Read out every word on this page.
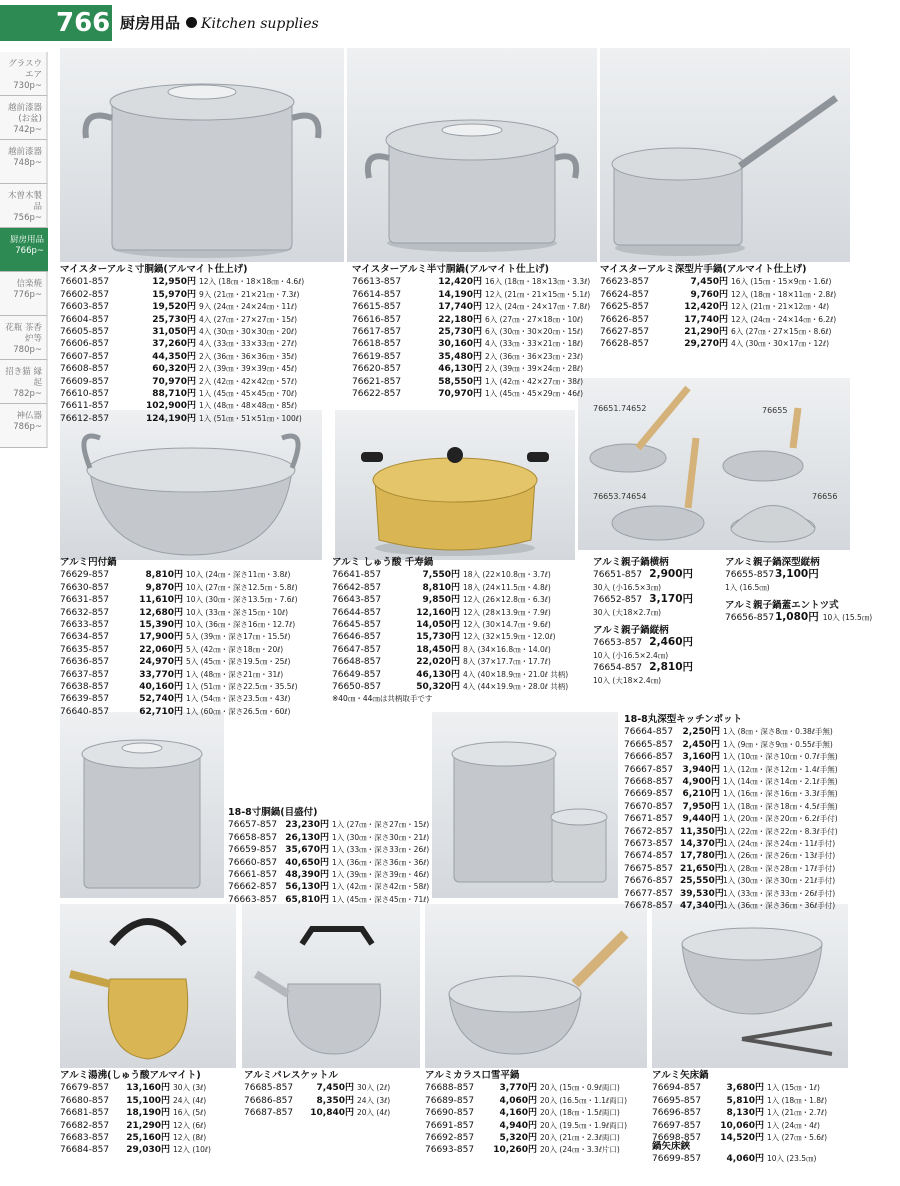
766 厨房用品 Kitchen supplies
グラスウエア
730p~
越前漆器(お盆)
742p~
越前漆器
748p~
木曽木製品
756p~
厨房用品
766p~
信楽焼
776p~
花瓶 茶香炉等
780p~
招き猫 縁起
782p~
神仏器
786p~
76651.74652	76655
76653.74654	76656
マイスターアルミ寸胴鍋(アルマイト仕上げ)
76601-857	12,950円 12入 (18㎝・18×18㎝・4.6ℓ)
76602-857	15,970円 9入 (21㎝・21×21㎝・7.3ℓ)
76603-857	19,520円 9入 (24㎝・24×24㎝・11ℓ)
76604-857	25,730円 4入 (27㎝・27×27㎝・15ℓ)
76605-857	31,050円 4入 (30㎝・30×30㎝・20ℓ)
76606-857	37,260円 4入 (33㎝・33×33㎝・27ℓ)
76607-857	44,350円 2入 (36㎝・36×36㎝・35ℓ)
76608-857	60,320円 2入 (39㎝・39×39㎝・45ℓ)
76609-857	70,970円 2入 (42㎝・42×42㎝・57ℓ)
76610-857	88,710円 1入 (45㎝・45×45㎝・70ℓ)
76611-857	102,900円 1入 (48㎝・48×48㎝・85ℓ)
76612-857	124,190円 1入 (51㎝・51×51㎝・100ℓ)
マイスターアルミ半寸胴鍋(アルマイト仕上げ)
76613-857	12,420円 16入 (18㎝・18×13㎝・3.3ℓ)
76614-857	14,190円 12入 (21㎝・21×15㎝・5.1ℓ)
76615-857	17,740円 12入 (24㎝・24×17㎝・7.8ℓ)
76616-857	22,180円 6入 (27㎝・27×18㎝・10ℓ)
76617-857	25,730円 6入 (30㎝・30×20㎝・15ℓ)
76618-857	30,160円 4入 (33㎝・33×21㎝・18ℓ)
76619-857	35,480円 2入 (36㎝・36×23㎝・23ℓ)
76620-857	46,130円 2入 (39㎝・39×24㎝・28ℓ)
76621-857	58,550円 1入 (42㎝・42×27㎝・38ℓ)
76622-857	70,970円 1入 (45㎝・45×29㎝・46ℓ)
マイスターアルミ深型片手鍋(アルマイト仕上げ)
76623-857	7,450円 16入 (15㎝・15×9㎝・1.6ℓ)
76624-857	9,760円 12入 (18㎝・18×11㎝・2.8ℓ)
76625-857	12,420円 12入 (21㎝・21×12㎝・4ℓ)
76626-857	17,740円 12入 (24㎝・24×14㎝・6.2ℓ)
76627-857	21,290円 6入 (27㎝・27×15㎝・8.6ℓ)
76628-857	29,270円 4入 (30㎝・30×17㎝・12ℓ)
アルミ円付鍋
76629-857	8,810円 10入 (24㎝・深さ11㎝・3.8ℓ)
76630-857	9,870円 10入 (27㎝・深さ12.5㎝・5.8ℓ)
76631-857	11,610円 10入 (30㎝・深さ13.5㎝・7.6ℓ)
76632-857	12,680円 10入 (33㎝・深さ15㎝・10ℓ)
76633-857	15,390円 10入 (36㎝・深さ16㎝・12.7ℓ)
76634-857	17,900円 5入 (39㎝・深さ17㎝・15.5ℓ)
76635-857	22,060円 5入 (42㎝・深さ18㎝・20ℓ)
76636-857	24,970円 5入 (45㎝・深さ19.5㎝・25ℓ)
76637-857	33,770円 1入 (48㎝・深さ21㎝・31ℓ)
76638-857	40,160円 1入 (51㎝・深さ22.5㎝・35.5ℓ)
76639-857	52,740円 1入 (54㎝・深さ23.5㎝・43ℓ)
76640-857	62,710円 1入 (60㎝・深さ26.5㎝・60ℓ)
アルミ しゅう酸 千寿鍋
76641-857	7,550円 18入 (22×10.8㎝・3.7ℓ)
76642-857	8,810円 18入 (24×11.5㎝・4.8ℓ)
76643-857	9,850円 12入 (26×12.8㎝・6.3ℓ)
76644-857	12,160円 12入 (28×13.9㎝・7.9ℓ)
76645-857	14,050円 12入 (30×14.7㎝・9.6ℓ)
76646-857	15,730円 12入 (32×15.9㎝・12.0ℓ)
76647-857	18,450円 8入 (34×16.8㎝・14.0ℓ)
76648-857	22,020円 8入 (37×17.7㎝・17.7ℓ)
76649-857	46,130円 4入 (40×18.9㎝・21.0ℓ 共柄)
76650-857	50,320円 4入 (44×19.9㎝・28.0ℓ 共柄)
※40㎝・44㎝は共柄取手です
アルミ親子鍋横柄
76651-857 2,900円
30入 (小16.5×3㎝)
76652-857 3,170円
30入 (大18×2.7㎝)
アルミ親子鍋縦柄
76653-857 2,460円
10入 (小16.5×2.4㎝)
76654-857 2,810円
10入 (大18×2.4㎝)
アルミ親子鍋深型縦柄
76655-8573,100円
1入 (16.5㎝)
アルミ親子鍋蓋エントツ式
76656-8571,080円 10入 (15.5㎝)
18-8寸胴鍋(目盛付)
76657-857 23,230円 1入 (27㎝・深さ27㎝・15ℓ)
76658-857 26,130円 1入 (30㎝・深さ30㎝・21ℓ)
76659-857 35,670円 1入 (33㎝・深さ33㎝・26ℓ)
76660-857 40,650円 1入 (36㎝・深さ36㎝・36ℓ)
76661-857 48,390円 1入 (39㎝・深さ39㎝・46ℓ)
76662-857 56,130円 1入 (42㎝・深さ42㎝・58ℓ)
76663-857 65,810円 1入 (45㎝・深さ45㎝・71ℓ)
18-8丸深型キッチンポット
76664-857 2,250円 1入 (8㎝・深さ8㎝・0.38ℓ手無)
76665-857 2,450円 1入 (9㎝・深さ9㎝・0.55ℓ手無)
76666-857 3,160円 1入 (10㎝・深さ10㎝・0.7ℓ手無)
76667-857 3,940円 1入 (12㎝・深さ12㎝・1.4ℓ手無)
76668-857 4,900円 1入 (14㎝・深さ14㎝・2.1ℓ手無)
76669-857 6,210円 1入 (16㎝・深さ16㎝・3.3ℓ手無)
76670-857 7,950円 1入 (18㎝・深さ18㎝・4.5ℓ手無)
76671-857 9,440円 1入 (20㎝・深さ20㎝・6.2ℓ手付)
76672-857 11,350円1入 (22㎝・深さ22㎝・8.3ℓ手付)
76673-857 14,370円1入 (24㎝・深さ24㎝・11ℓ手付)
76674-857 17,780円1入 (26㎝・深さ26㎝・13ℓ手付)
76675-857 21,650円1入 (28㎝・深さ28㎝・17ℓ手付)
76676-857 25,550円1入 (30㎝・深さ30㎝・21ℓ手付)
76677-857 39,530円1入 (33㎝・深さ33㎝・26ℓ手付)
76678-857 47,340円1入 (36㎝・深さ36㎝・36ℓ手付)
アルミ湯沸(しゅう酸アルマイト)
76679-857 13,160円 30入 (3ℓ)
76680-857 15,100円 24入 (4ℓ)
76681-857 18,190円 16入 (5ℓ)
76682-857 21,290円 12入 (6ℓ)
76683-857 25,160円 12入 (8ℓ)
76684-857 29,030円 12入 (10ℓ)
アルミパレスケットル
76685-857	7,450円 30入 (2ℓ)
76686-857	8,350円 24入 (3ℓ)
76687-857 10,840円 20入 (4ℓ)
アルミカラス口雪平鍋
76688-857	3,770円 20入 (15㎝・0.9ℓ両口)
76689-857	4,060円 20入 (16.5㎝・1.1ℓ両口)
76690-857	4,160円 20入 (18㎝・1.5ℓ両口)
76691-857	4,940円 20入 (19.5㎝・1.9ℓ両口)
76692-857	5,320円 20入 (21㎝・2.3ℓ両口)
76693-857 10,260円 20入 (24㎝・3.3ℓ片口)
アルミ矢床鍋
76694-857	3,680円 1入 (15㎝・1ℓ)
76695-857	5,810円 1入 (18㎝・1.8ℓ)
76696-857	8,130円 1入 (21㎝・2.7ℓ)
76697-857 10,060円 1入 (24㎝・4ℓ)
76698-857 14,520円 1入 (27㎝・5.6ℓ)
鍋矢床鋏
76699-857	4,060円 10入 (23.5㎝)
